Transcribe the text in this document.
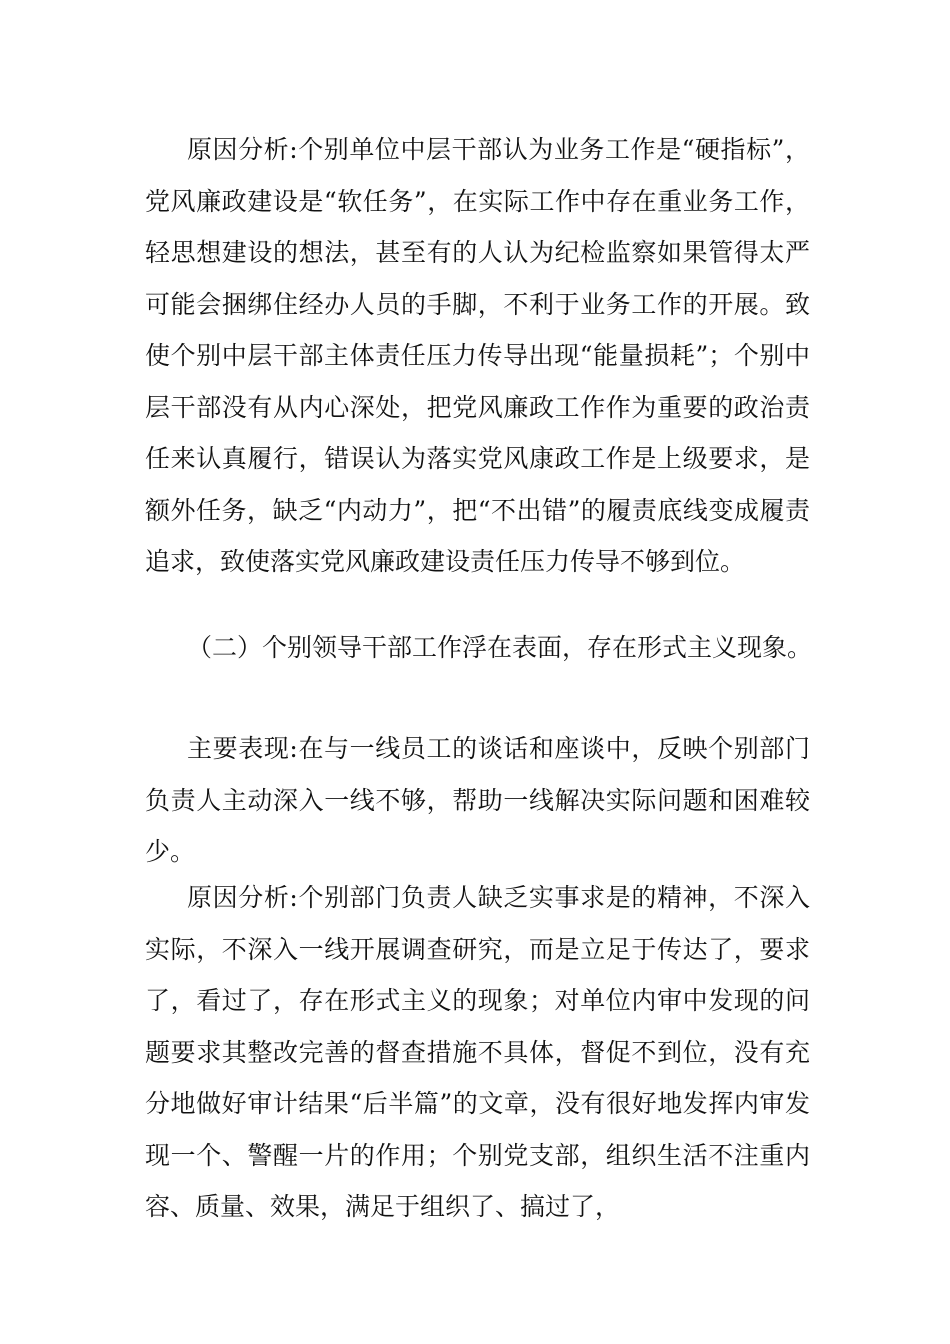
原因分析:个别单位中层干部认为业务工作是“硬指标”，党风廉政建设是“软任务”，在实际工作中存在重业务工作，轻思想建设的想法，甚至有的人认为纪检监察如果管得太严可能会捆绑住经办人员的手脚，不利于业务工作的开展。致使个别中层干部主体责任压力传导出现“能量损耗”；个别中层干部没有从内心深处，把党风廉政工作作为重要的政治责任来认真履行，错误认为落实党风康政工作是上级要求，是额外任务，缺乏“内动力”，把“不出错”的履责底线变成履责追求，致使落实党风廉政建设责任压力传导不够到位。

（二）个别领导干部工作浮在表面，存在形式主义现象。

主要表现:在与一线员工的谈话和座谈中，反映个别部门负责人主动深入一线不够，帮助一线解决实际问题和困难较少。

原因分析:个别部门负责人缺乏实事求是的精神，不深入实际，不深入一线开展调查研究，而是立足于传达了，要求了，看过了，存在形式主义的现象；对单位内审中发现的问题要求其整改完善的督查措施不具体，督促不到位，没有充分地做好审计结果“后半篇”的文章，没有很好地发挥内审发现一个、警醒一片的作用；个别党支部，组织生活不注重内容、质量、效果，满足于组织了、搞过了，
